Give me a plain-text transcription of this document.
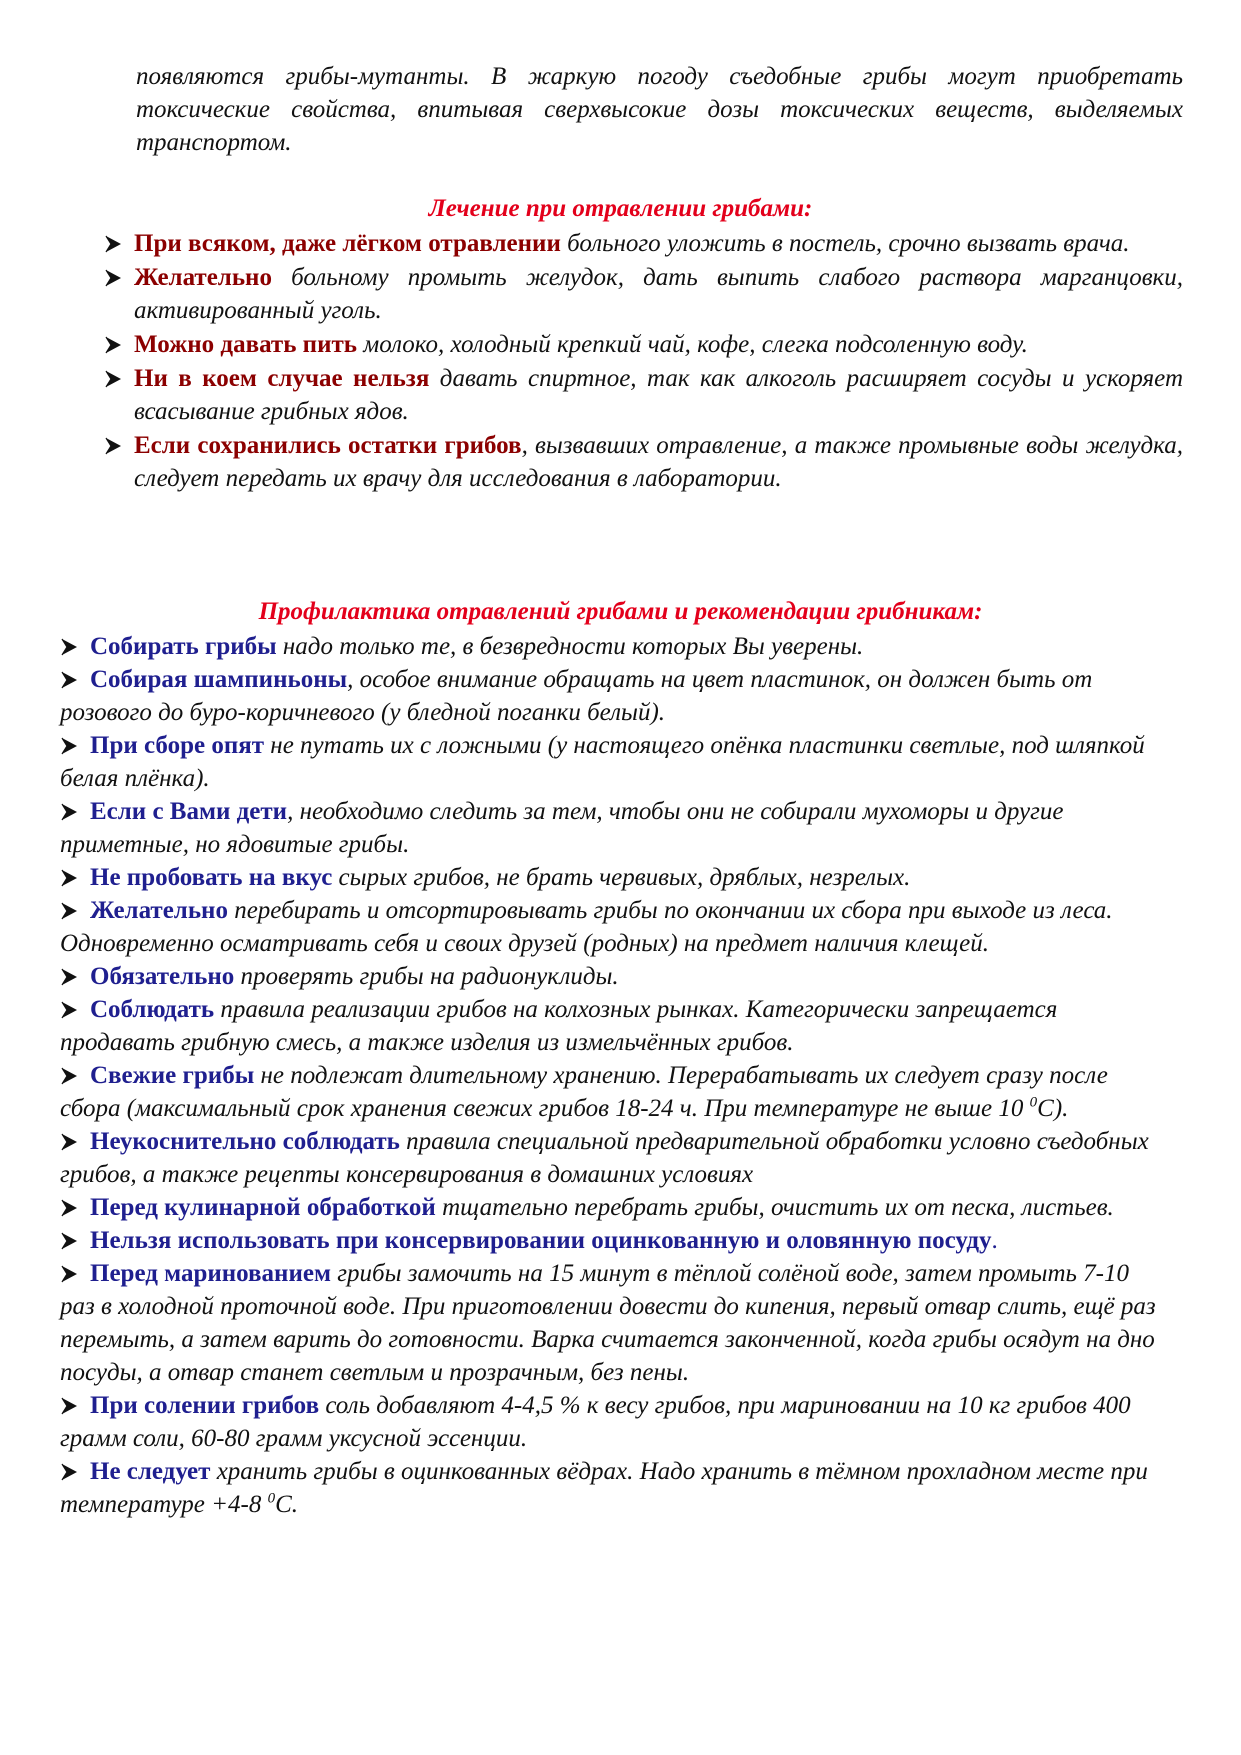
появляются грибы-мутанты. В жаркую погоду съедобные грибы могут приобретать токсические свойства, впитывая сверхвысокие дозы токсических веществ, выделяемых транспортом.
Лечение при отравлении грибами:
При всяком, даже лёгком отравлении больного уложить в постель, срочно вызвать врача.
Желательно больному промыть желудок, дать выпить слабого раствора марганцовки, активированный уголь.
Можно давать пить молоко, холодный крепкий чай, кофе, слегка подсоленную воду.
Ни в коем случае нельзя давать спиртное, так как алкоголь расширяет сосуды и ускоряет всасывание грибных ядов.
Если сохранились остатки грибов, вызвавших отравление, а также промывные воды желудка, следует передать их врачу для исследования в лаборатории.
Профилактика отравлений грибами и рекомендации грибникам:
Собирать грибы надо только те, в безвредности которых Вы уверены.
Собирая шампиньоны, особое внимание обращать на цвет пластинок, он должен быть от розового до буро-коричневого (у бледной поганки белый).
При сборе опят не путать их с ложными (у настоящего опёнка пластинки светлые, под шляпкой белая плёнка).
Если с Вами дети, необходимо следить за тем, чтобы они не собирали мухоморы и другие приметные, но ядовитые грибы.
Не пробовать на вкус сырых грибов, не брать червивых, дряблых, незрелых.
Желательно перебирать и отсортировывать грибы по окончании их сбора при выходе из леса. Одновременно осматривать себя и своих друзей (родных) на предмет наличия клещей.
Обязательно проверять грибы на радионуклиды.
Соблюдать правила реализации грибов на колхозных рынках. Категорически запрещается продавать грибную смесь, а также изделия из измельчённых грибов.
Свежие грибы не подлежат длительному хранению. Перерабатывать их следует сразу после сбора (максимальный срок хранения свежих грибов 18-24 ч. При температуре не выше 10 $^0$С).
Неукоснительно соблюдать правила специальной предварительной обработки условно съедобных грибов, а также рецепты консервирования в домашних условиях
Перед кулинарной обработкой тщательно перебрать грибы, очистить их от песка, листьев.
Нельзя использовать при консервировании оцинкованную и оловянную посуду.
Перед маринованием грибы замочить на 15 минут в тёплой солёной воде, затем промыть 7-10 раз в холодной проточной воде. При приготовлении довести до кипения, первый отвар слить, ещё раз перемыть, а затем варить до готовности. Варка считается законченной, когда грибы осядут на дно посуды, а отвар станет светлым и прозрачным, без пены.
При солении грибов соль добавляют 4-4,5 % к весу грибов, при мариновании на 10 кг грибов 400 грамм соли, 60-80 грамм уксусной эссенции.
Не следует хранить грибы в оцинкованных вёдрах. Надо хранить в тёмном прохладном месте при температуре +4-8 $^0$С.
